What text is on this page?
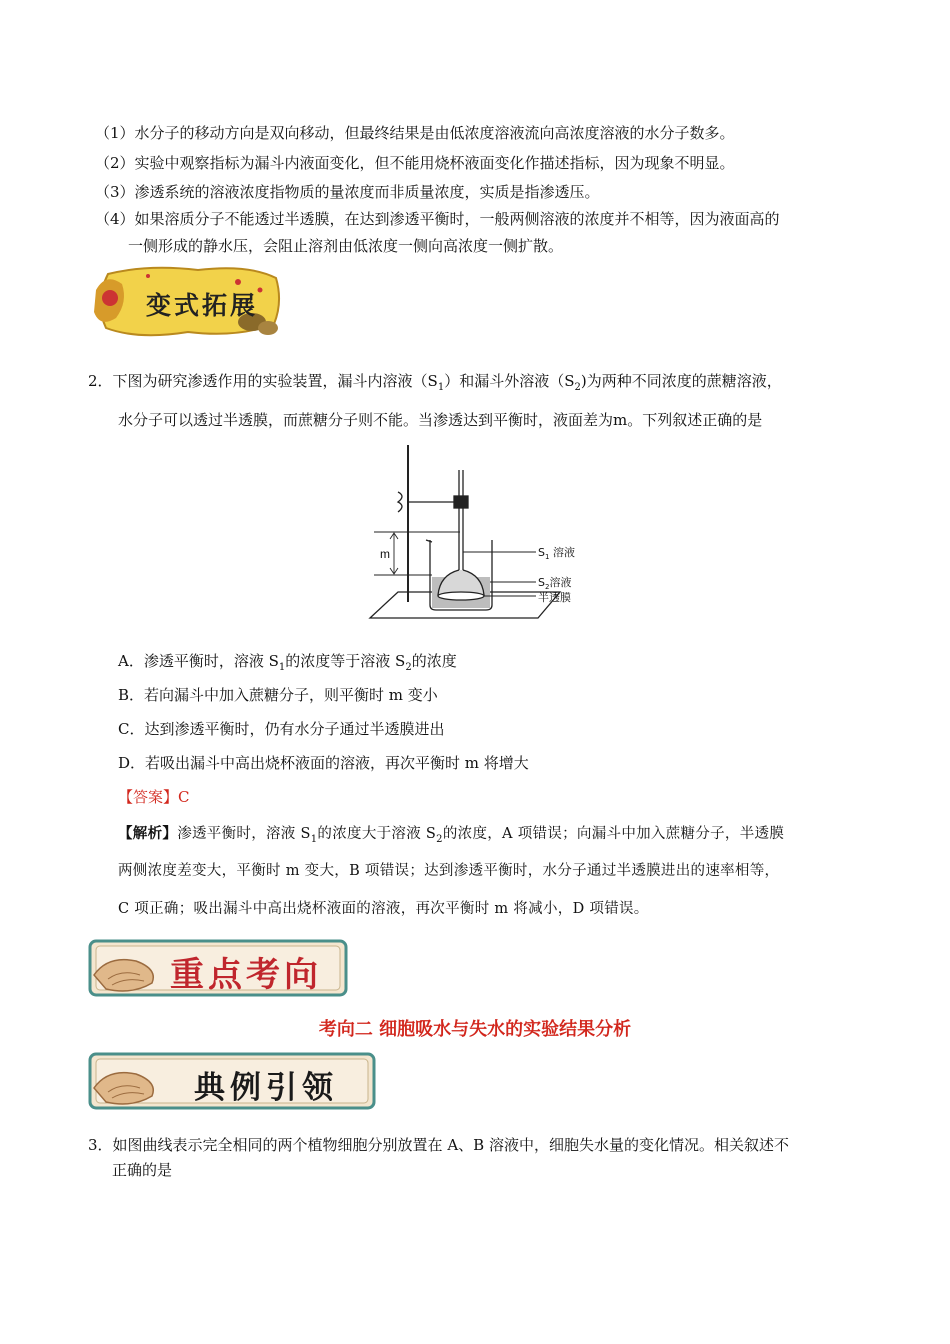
（1）水分子的移动方向是双向移动，但最终结果是由低浓度溶液流向高浓度溶液的水分子数多。
（2）实验中观察指标为漏斗内液面变化，但不能用烧杯液面变化作描述指标，因为现象不明显。
（3）渗透系统的溶液浓度指物质的量浓度而非质量浓度，实质是指渗透压。
（4）如果溶质分子不能透过半透膜，在达到渗透平衡时，一般两侧溶液的浓度并不相等，因为液面高的
一侧形成的静水压，会阻止溶剂由低浓度一侧向高浓度一侧扩散。
变式拓展
2．下图为研究渗透作用的实验装置，漏斗内溶液$(S_1)$和漏斗外溶液$(S_2)$为两种不同浓度的蔗糖溶液，
水分子可以透过半透膜，而蔗糖分子则不能。当渗透达到平衡时，液面差为m。下列叙述正确的是
m	$S_1$ 溶液
$S_2$溶液
半透膜
A．渗透平衡时，溶液 $S_1$的浓度等于溶液 $S_2$的浓度
B．若向漏斗中加入蔗糖分子，则平衡时 m 变小
C．达到渗透平衡时，仍有水分子通过半透膜进出
D．若吸出漏斗中高出烧杯液面的溶液，再次平衡时 m 将增大
【答案】C
【解析】渗透平衡时，溶液 $S_1$的浓度大于溶液 $S_2$的浓度，A 项错误；向漏斗中加入蔗糖分子，半透膜
两侧浓度差变大，平衡时 m 变大，B 项错误；达到渗透平衡时，水分子通过半透膜进出的速率相等，
C 项正确；吸出漏斗中高出烧杯液面的溶液，再次平衡时 m 将减小，D 项错误。
重点考向
考向二 细胞吸水与失水的实验结果分析
典例引领
3．如图曲线表示完全相同的两个植物细胞分别放置在 A、B 溶液中，细胞失水量的变化情况。相关叙述不
正确的是
